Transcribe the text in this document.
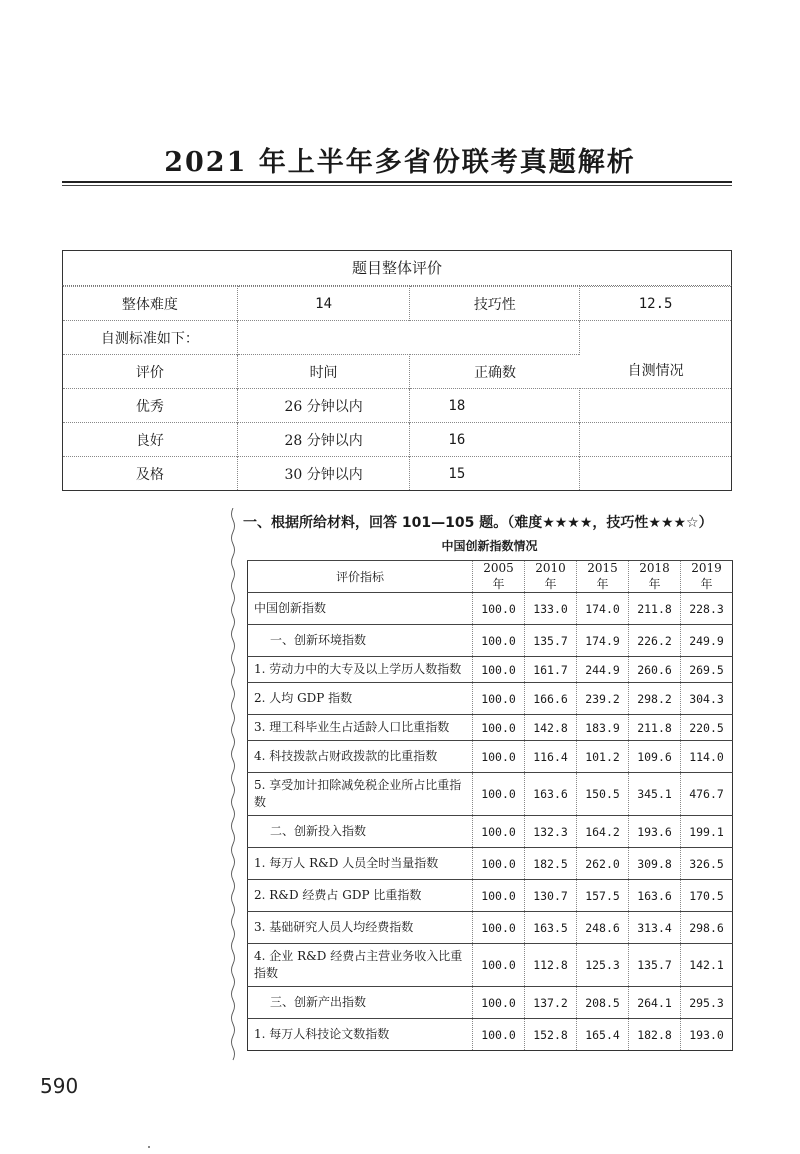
2021 年上半年多省份联考真题解析
题目整体评价
整体难度	14	技巧性	12.5
自测标准如下：			自测情况
评价	时间	正确数	
优秀	26 分钟以内	18	
良好	28 分钟以内	16	
及格	30 分钟以内	15	
一、根据所给材料，回答 101—105 题。（难度★★★★，技巧性★★★☆）
中国创新指数情况
评价指标	2005 年	2010 年	2015 年	2018 年	2019 年
中国创新指数	100.0	133.0	174.0	211.8	228.3
一、创新环境指数	100.0	135.7	174.9	226.2	249.9
1. 劳动力中的大专及以上学历人数指数	100.0	161.7	244.9	260.6	269.5
2. 人均 GDP 指数	100.0	166.6	239.2	298.2	304.3
3. 理工科毕业生占适龄人口比重指数	100.0	142.8	183.9	211.8	220.5
4. 科技拨款占财政拨款的比重指数	100.0	116.4	101.2	109.6	114.0
5. 享受加计扣除减免税企业所占比重指数	100.0	163.6	150.5	345.1	476.7
二、创新投入指数	100.0	132.3	164.2	193.6	199.1
1. 每万人 R&D 人员全时当量指数	100.0	182.5	262.0	309.8	326.5
2. R&D 经费占 GDP 比重指数	100.0	130.7	157.5	163.6	170.5
3. 基础研究人员人均经费指数	100.0	163.5	248.6	313.4	298.6
4. 企业 R&D 经费占主营业务收入比重指数	100.0	112.8	125.3	135.7	142.1
三、创新产出指数	100.0	137.2	208.5	264.1	295.3
1. 每万人科技论文数指数	100.0	152.8	165.4	182.8	193.0
590
